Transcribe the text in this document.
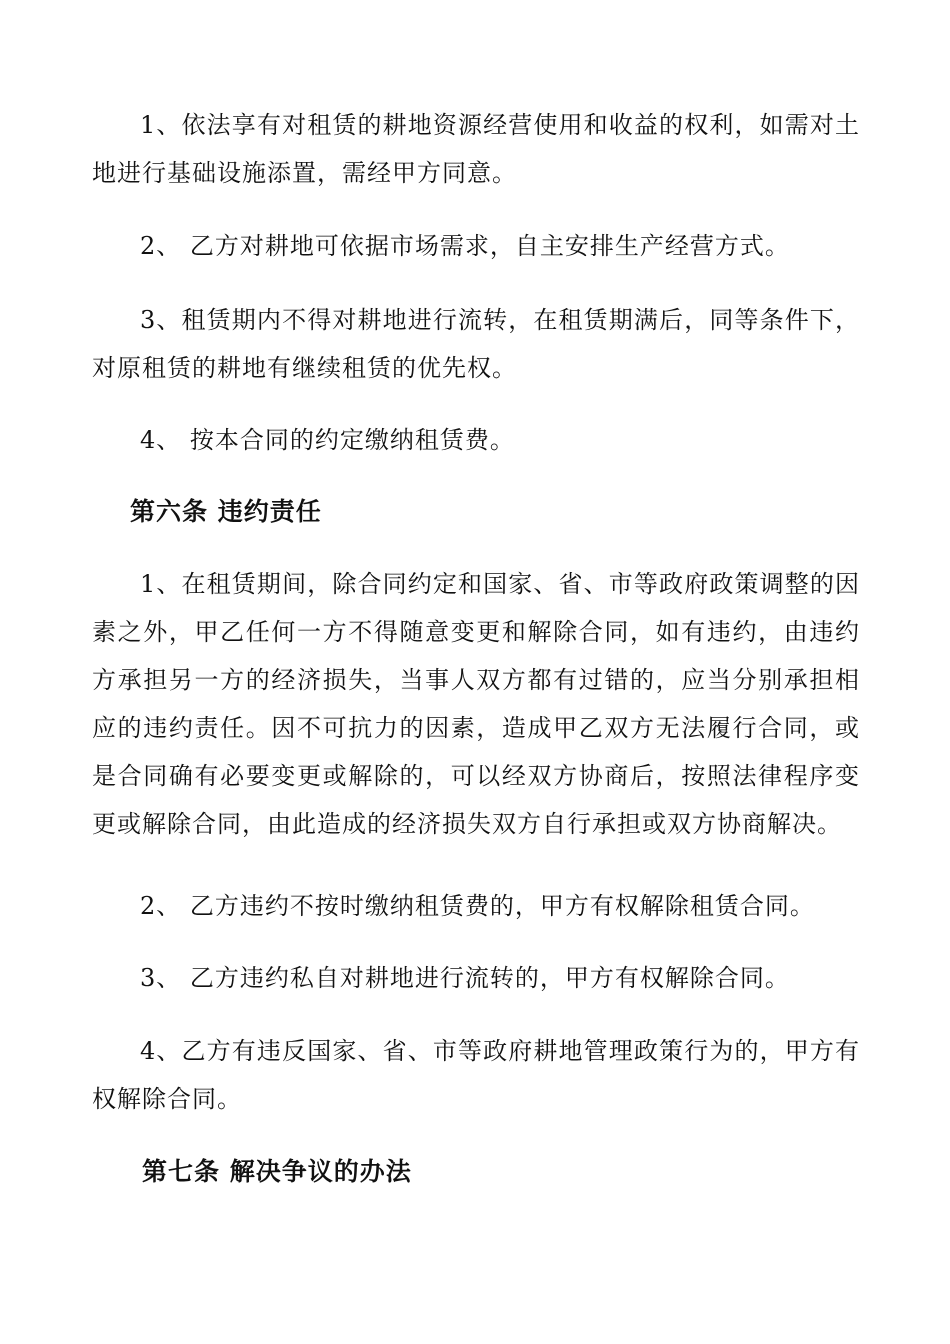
1、依法享有对租赁的耕地资源经营使用和收益的权利，如需对土地进行基础设施添置，需经甲方同意。

2、 乙方对耕地可依据市场需求，自主安排生产经营方式。

3、租赁期内不得对耕地进行流转，在租赁期满后，同等条件下，对原租赁的耕地有继续租赁的优先权。

4、 按本合同的约定缴纳租赁费。

第六条 违约责任

1、在租赁期间，除合同约定和国家、省、市等政府政策调整的因素之外，甲乙任何一方不得随意变更和解除合同，如有违约，由违约方承担另一方的经济损失，当事人双方都有过错的，应当分别承担相应的违约责任。因不可抗力的因素，造成甲乙双方无法履行合同，或是合同确有必要变更或解除的，可以经双方协商后，按照法律程序变更或解除合同，由此造成的经济损失双方自行承担或双方协商解决。

2、 乙方违约不按时缴纳租赁费的，甲方有权解除租赁合同。

3、 乙方违约私自对耕地进行流转的，甲方有权解除合同。

4、乙方有违反国家、省、市等政府耕地管理政策行为的，甲方有权解除合同。

第七条 解决争议的办法
